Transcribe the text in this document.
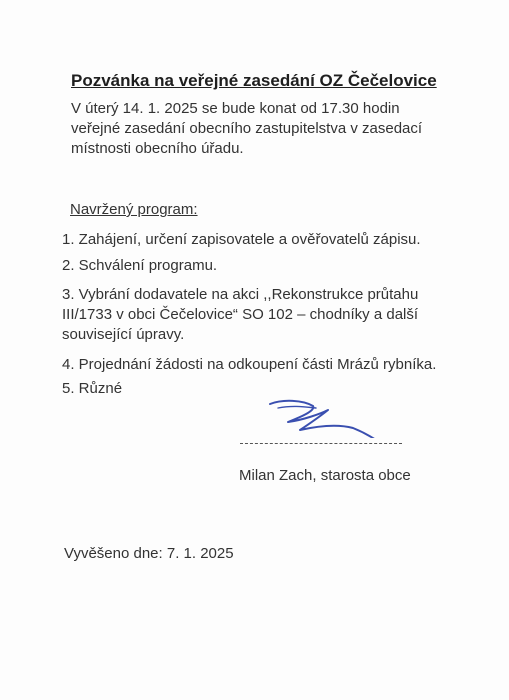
Pozvánka na veřejné zasedání OZ Čečelovice
V úterý 14. 1. 2025 se bude konat od 17.30 hodin
veřejné zasedání obecního zastupitelstva v zasedací
místnosti obecního úřadu.
Navržený program:
1. Zahájení, určení zapisovatele a ověřovatelů zápisu.
2. Schválení programu.
3. Vybrání dodavatele na akci ,,Rekonstrukce průtahu
III/1733 v obci Čečelovice“ SO 102 – chodníky a další
související úpravy.
4. Projednání žádosti na odkoupení části Mrázů rybníka.
5. Různé
Milan Zach, starosta obce
Vyvěšeno dne: 7. 1. 2025
